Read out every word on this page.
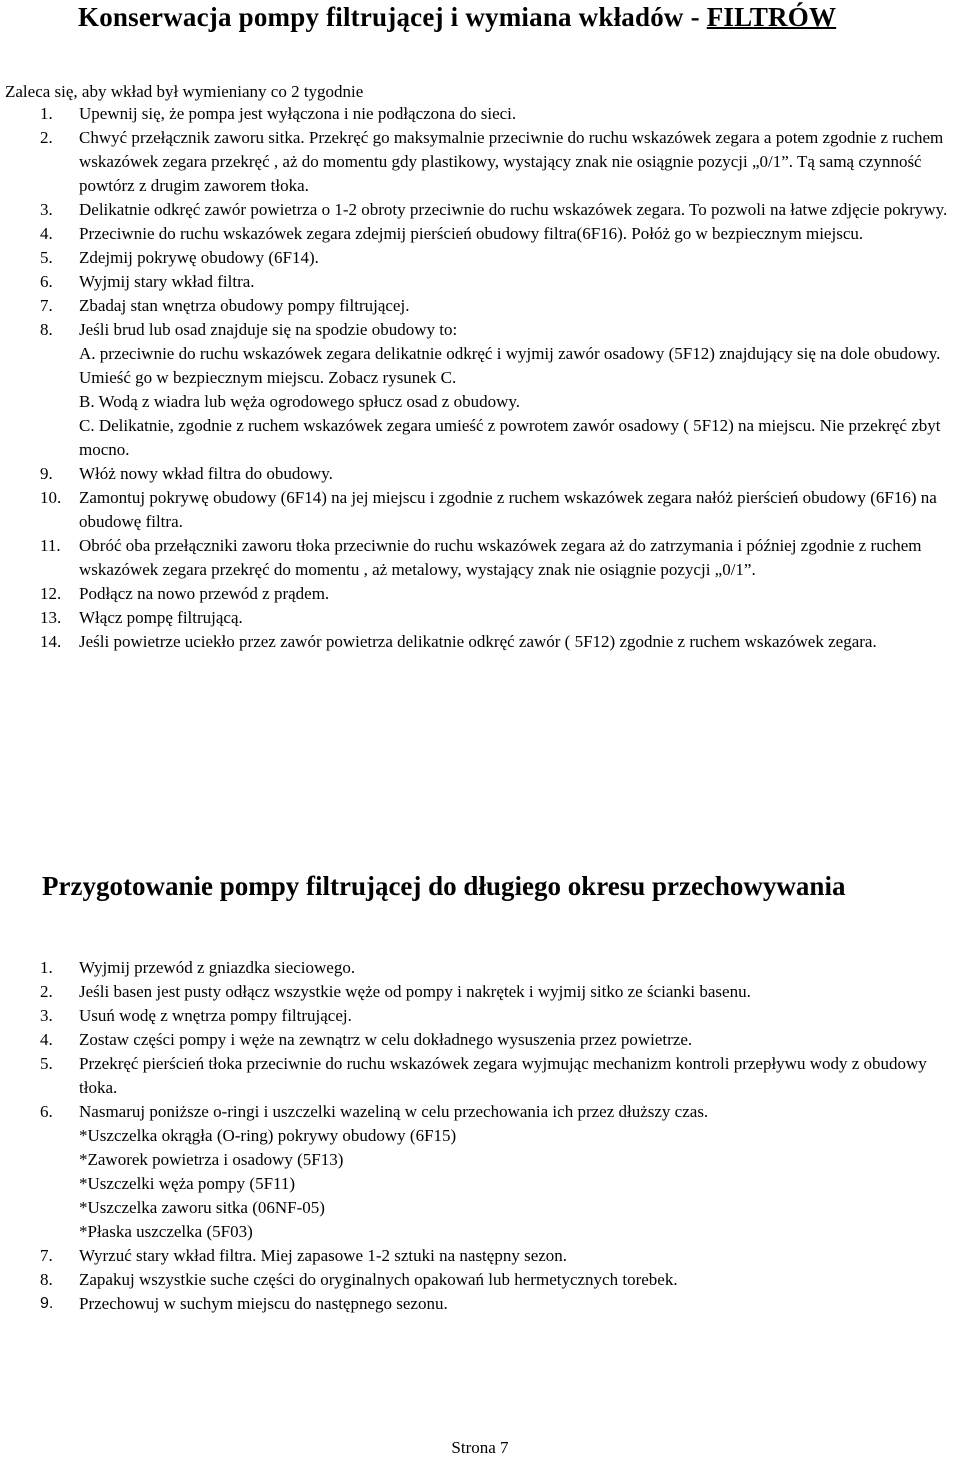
Konserwacja pompy filtrującej i wymiana wkładów - FILTRÓW
Zaleca się, aby wkład był wymieniany co 2 tygodnie
1. Upewnij się, że pompa jest wyłączona i nie podłączona do sieci.
2. Chwyć przełącznik zaworu sitka. Przekręć go maksymalnie przeciwnie do ruchu wskazówek zegara a potem zgodnie z ruchem wskazówek zegara przekręć , aż do momentu gdy plastikowy, wystający znak nie osiągnie pozycji „0/1”. Tą samą czynność powtórz z drugim zaworem tłoka.
3. Delikatnie odkręć zawór powietrza o 1-2 obroty przeciwnie do ruchu wskazówek zegara. To pozwoli na łatwe zdjęcie pokrywy.
4. Przeciwnie do ruchu wskazówek zegara zdejmij pierścień obudowy filtra(6F16). Połóż go w bezpiecznym miejscu.
5. Zdejmij pokrywę obudowy (6F14).
6. Wyjmij stary wkład filtra.
7. Zbadaj stan wnętrza obudowy pompy filtrującej.
8. Jeśli brud lub osad znajduje się na spodzie obudowy to:
A. przeciwnie do ruchu wskazówek zegara delikatnie odkręć i wyjmij zawór osadowy (5F12) znajdujący się na dole obudowy. Umieść go w bezpiecznym miejscu. Zobacz rysunek C.
B. Wodą z wiadra lub węża ogrodowego spłucz osad z obudowy.
C. Delikatnie, zgodnie z ruchem wskazówek zegara umieść z powrotem zawór osadowy ( 5F12) na miejscu. Nie przekręć zbyt mocno.
9. Włóż nowy wkład filtra do obudowy.
10. Zamontuj pokrywę obudowy (6F14) na jej miejscu i zgodnie z ruchem wskazówek zegara nałóż pierścień obudowy (6F16) na obudowę filtra.
11. Obróć oba przełączniki zaworu tłoka przeciwnie do ruchu wskazówek zegara aż do zatrzymania i później zgodnie z ruchem wskazówek zegara przekręć do momentu , aż metalowy, wystający znak nie osiągnie pozycji „0/1”.
12. Podłącz na nowo przewód z prądem.
13. Włącz pompę filtrującą.
14. Jeśli powietrze uciekło przez zawór powietrza delikatnie odkręć zawór ( 5F12) zgodnie z ruchem wskazówek zegara.
Przygotowanie pompy filtrującej do długiego okresu przechowywania
1. Wyjmij przewód z gniazdka sieciowego.
2. Jeśli basen jest pusty odłącz wszystkie węże od pompy i nakrętek i wyjmij sitko ze ścianki basenu.
3. Usuń wodę z wnętrza pompy filtrującej.
4. Zostaw części pompy i węże na zewnątrz w celu dokładnego wysuszenia przez powietrze.
5. Przekręć pierścień tłoka przeciwnie do ruchu wskazówek zegara wyjmując mechanizm kontroli przepływu wody z obudowy tłoka.
6. Nasmaruj poniższe o-ringi i uszczelki wazeliną w celu przechowania ich przez dłuższy czas.
*Uszczelka okrągła (O-ring) pokrywy obudowy (6F15)
*Zaworek powietrza i osadowy (5F13)
*Uszczelki węża pompy (5F11)
*Uszczelka zaworu sitka (06NF-05)
*Płaska uszczelka (5F03)
7. Wyrzuć stary wkład filtra. Miej zapasowe 1-2 sztuki na następny sezon.
8. Zapakuj wszystkie suche części do oryginalnych opakowań lub hermetycznych torebek.
9. Przechowuj w suchym miejscu do następnego sezonu.
Strona 7
